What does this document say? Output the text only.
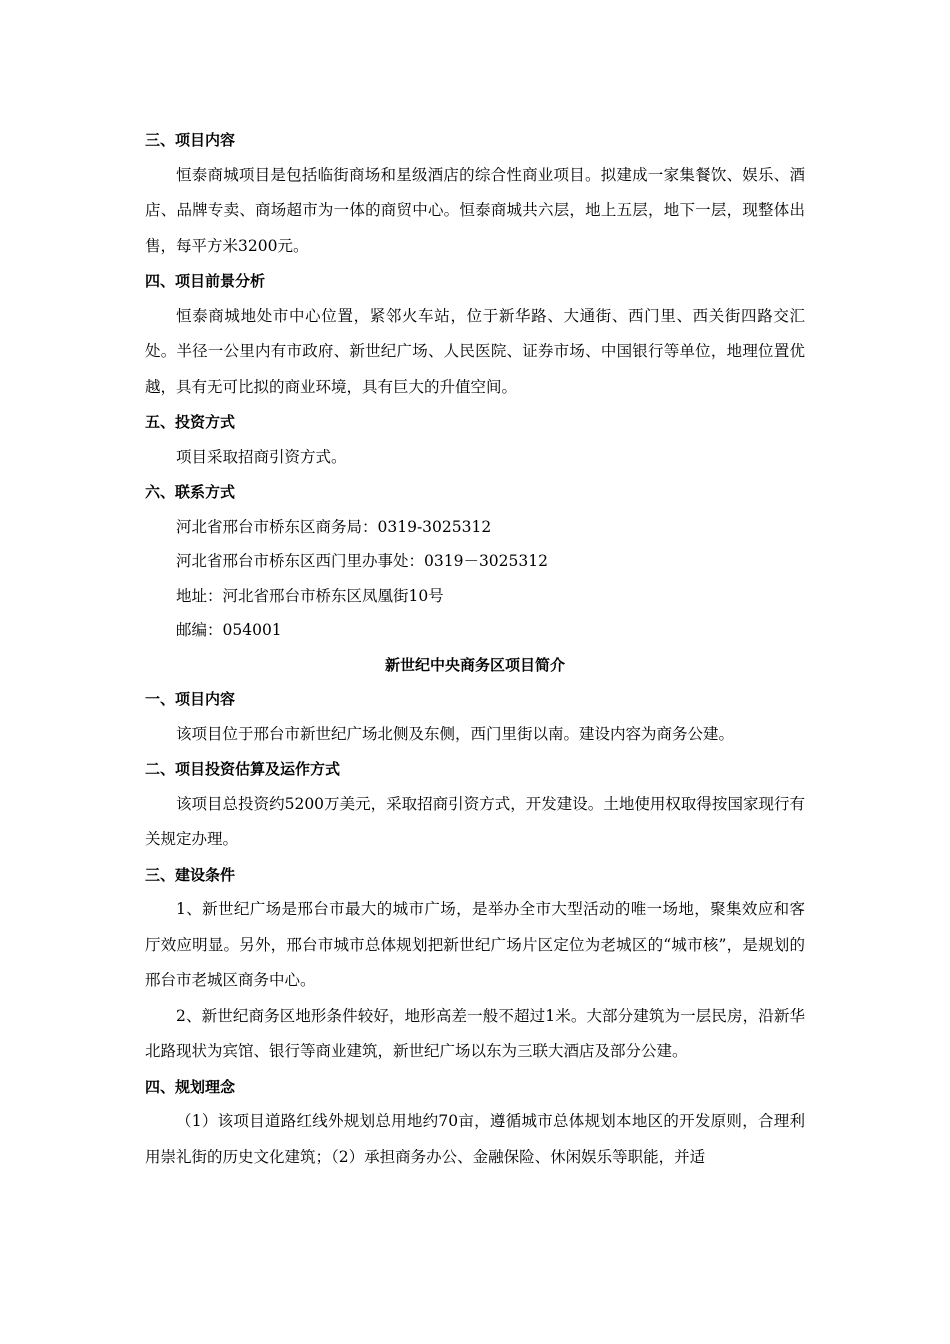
三、项目内容
恒泰商城项目是包括临街商场和星级酒店的综合性商业项目。拟建成一家集餐饮、娱乐、酒店、品牌专卖、商场超市为一体的商贸中心。恒泰商城共六层，地上五层，地下一层，现整体出售，每平方米3200元。
四、项目前景分析
恒泰商城地处市中心位置，紧邻火车站，位于新华路、大通街、西门里、西关街四路交汇处。半径一公里内有市政府、新世纪广场、人民医院、证券市场、中国银行等单位，地理位置优越，具有无可比拟的商业环境，具有巨大的升值空间。
五、投资方式
项目采取招商引资方式。
六、联系方式
河北省邢台市桥东区商务局：0319-3025312
河北省邢台市桥东区西门里办事处：0319－3025312
地址：河北省邢台市桥东区凤凰街10号
邮编：054001
新世纪中央商务区项目简介
一、项目内容
该项目位于邢台市新世纪广场北侧及东侧，西门里街以南。建设内容为商务公建。
二、项目投资估算及运作方式
该项目总投资约5200万美元，采取招商引资方式，开发建设。土地使用权取得按国家现行有关规定办理。
三、建设条件
1、新世纪广场是邢台市最大的城市广场，是举办全市大型活动的唯一场地，聚集效应和客厅效应明显。另外，邢台市城市总体规划把新世纪广场片区定位为老城区的“城市核”，是规划的邢台市老城区商务中心。
2、新世纪商务区地形条件较好，地形高差一般不超过1米。大部分建筑为一层民房，沿新华北路现状为宾馆、银行等商业建筑，新世纪广场以东为三联大酒店及部分公建。
四、规划理念
（1）该项目道路红线外规划总用地约70亩，遵循城市总体规划本地区的开发原则，合理利用崇礼街的历史文化建筑；（2）承担商务办公、金融保险、休闲娱乐等职能，并适
